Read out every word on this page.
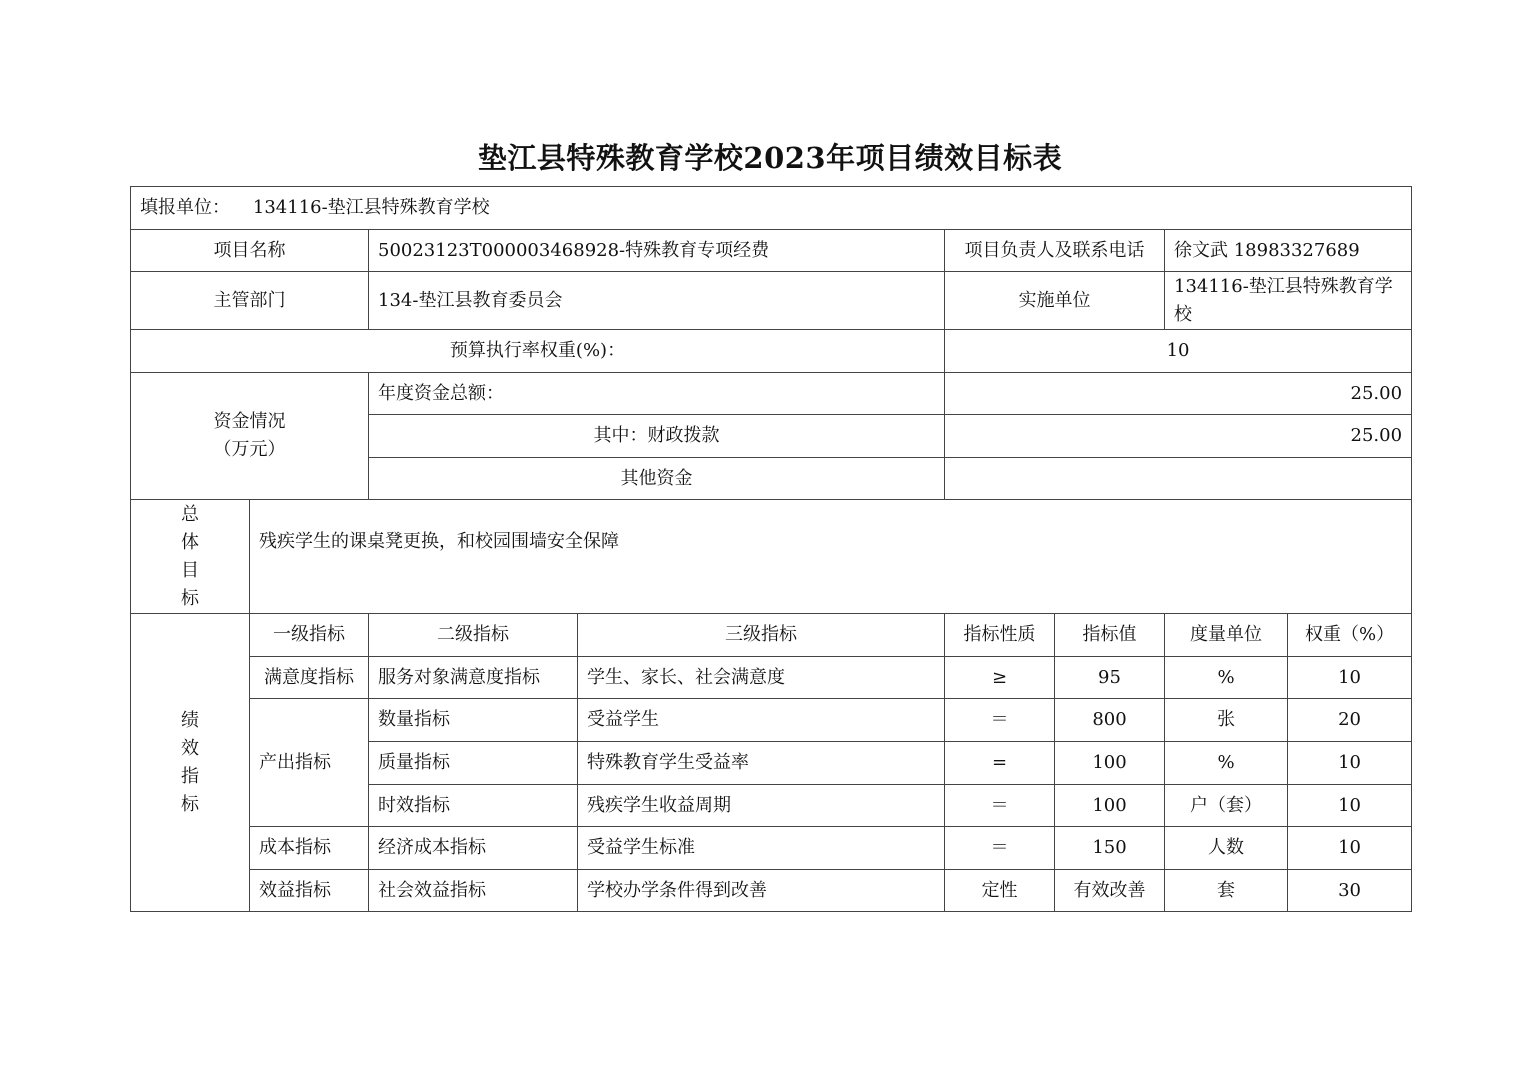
垫江县特殊教育学校2023年项目绩效目标表
填报单位： 134116-垫江县特殊教育学校							
项目名称		50023123T000003468928-特殊教育专项经费		项目负责人及联系电话		徐文武 18983327689	
主管部门		134-垫江县教育委员会		实施单位		134116-垫江县特殊教育学校	
预算执行率权重(%)：				10			

资金情况
（万元）		年度资金总额：		25.00			
		其中：财政拨款		25.00			
		其他资金					

总
体
目
标	残疾学生的课桌凳更换，和校园围墙安全保障						

绩
效
指
标	一级指标	二级指标	三级指标	指标性质	指标值	度量单位	权重（%）
	满意度指标	服务对象满意度指标	学生、家长、社会满意度	≥	95	%	10
	产出指标	数量指标	受益学生	＝	800	张	20
		质量指标	特殊教育学生受益率	=	100	%	10
		时效指标	残疾学生收益周期	＝	100	户（套）	10
	成本指标	经济成本指标	受益学生标准	＝	150	人数	10
	效益指标	社会效益指标	学校办学条件得到改善	定性	有效改善	套	30
